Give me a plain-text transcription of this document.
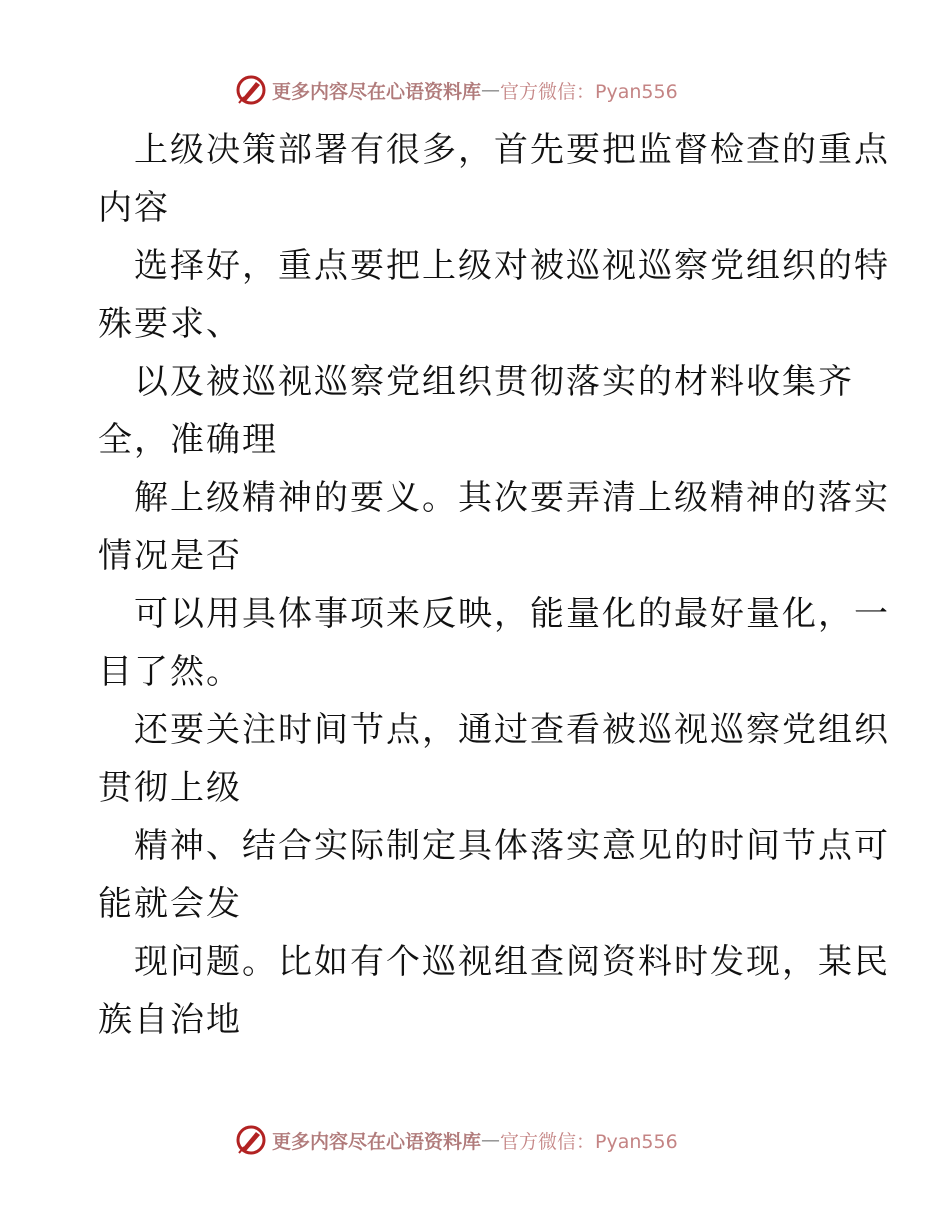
更多内容尽在心语资料库 — 官方微信：Pyan556
上级决策部署有很多，首先要把监督检查的重点
内容
选择好，重点要把上级对被巡视巡察党组织的特
殊要求、
以及被巡视巡察党组织贯彻落实的材料收集齐
全，准确理
解上级精神的要义。其次要弄清上级精神的落实
情况是否
可以用具体事项来反映，能量化的最好量化，一
目了然。
还要关注时间节点，通过查看被巡视巡察党组织
贯彻上级
精神、结合实际制定具体落实意见的时间节点可
能就会发
现问题。比如有个巡视组查阅资料时发现，某民
族自治地
更多内容尽在心语资料库 — 官方微信：Pyan556
